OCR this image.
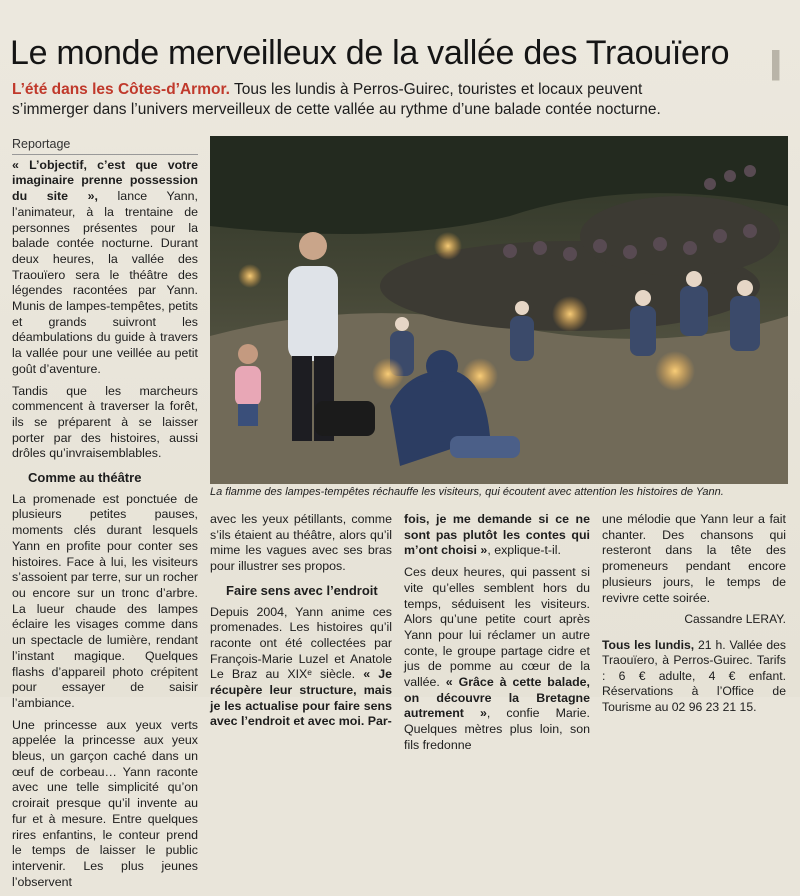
▍
Le monde merveilleux de la vallée des Traouïero
L’été dans les Côtes-d’Armor. Tous les lundis à Perros-Guirec, touristes et locaux peuvent s’immerger dans l’univers merveilleux de cette vallée au rythme d’une balade contée nocturne.
Reportage

« L’objectif, c’est que votre imaginaire prenne possession du site », lance Yann, l’animateur, à la trentaine de personnes présentes pour la balade contée nocturne. Durant deux heures, la vallée des Traouïero sera le théâtre des légendes racontées par Yann. Munis de lampes-tempêtes, petits et grands suivront les déambulations du guide à travers la vallée pour une veillée au petit goût d’aventure.

Tandis que les marcheurs commencent à traverser la forêt, ils se préparent à se laisser porter par des histoires, aussi drôles qu’invraisemblables.

Comme au théâtre

La promenade est ponctuée de plusieurs petites pauses, moments clés durant lesquels Yann en profite pour conter ses histoires. Face à lui, les visiteurs s’assoient par terre, sur un rocher ou encore sur un tronc d’arbre. La lueur chaude des lampes éclaire les visages comme dans un spectacle de lumière, rendant l’instant magique. Quelques flashs d’appareil photo crépitent pour essayer de saisir l’ambiance.

Une princesse aux yeux verts appelée la princesse aux yeux bleus, un garçon caché dans un œuf de corbeau… Yann raconte avec une telle simplicité qu’on croirait presque qu’il invente au fur et à mesure. Entre quelques rires enfantins, le conteur prend le temps de laisser le public intervenir. Les plus jeunes l’observent

La flamme des lampes-tempêtes réchauffe les visiteurs, qui écoutent avec attention les histoires de Yann.

avec les yeux pétillants, comme s’ils étaient au théâtre, alors qu’il mime les vagues avec ses bras pour illustrer ses propos.

Faire sens avec l’endroit

Depuis 2004, Yann anime ces promenades. Les histoires qu’il raconte ont été collectées par François-Marie Luzel et Anatole Le Braz au XIXᵉ siècle. « Je récupère leur structure, mais je les actualise pour faire sens avec l’endroit et avec moi. Par-

fois, je me demande si ce ne sont pas plutôt les contes qui m’ont choisi », explique-t-il.

Ces deux heures, qui passent si vite qu’elles semblent hors du temps, séduisent les visiteurs. Alors qu’une petite court après Yann pour lui réclamer un autre conte, le groupe partage cidre et jus de pomme au cœur de la vallée. « Grâce à cette balade, on découvre la Bretagne autrement », confie Marie. Quelques mètres plus loin, son fils fredonne

une mélodie que Yann leur a fait chanter. Des chansons qui resteront dans la tête des promeneurs pendant encore plusieurs jours, le temps de revivre cette soirée.

Cassandre LERAY.

Tous les lundis, 21 h. Vallée des Traouïero, à Perros-Guirec. Tarifs : 6 € adulte, 4 € enfant. Réservations à l’Office de Tourisme au 02 96 23 21 15.
